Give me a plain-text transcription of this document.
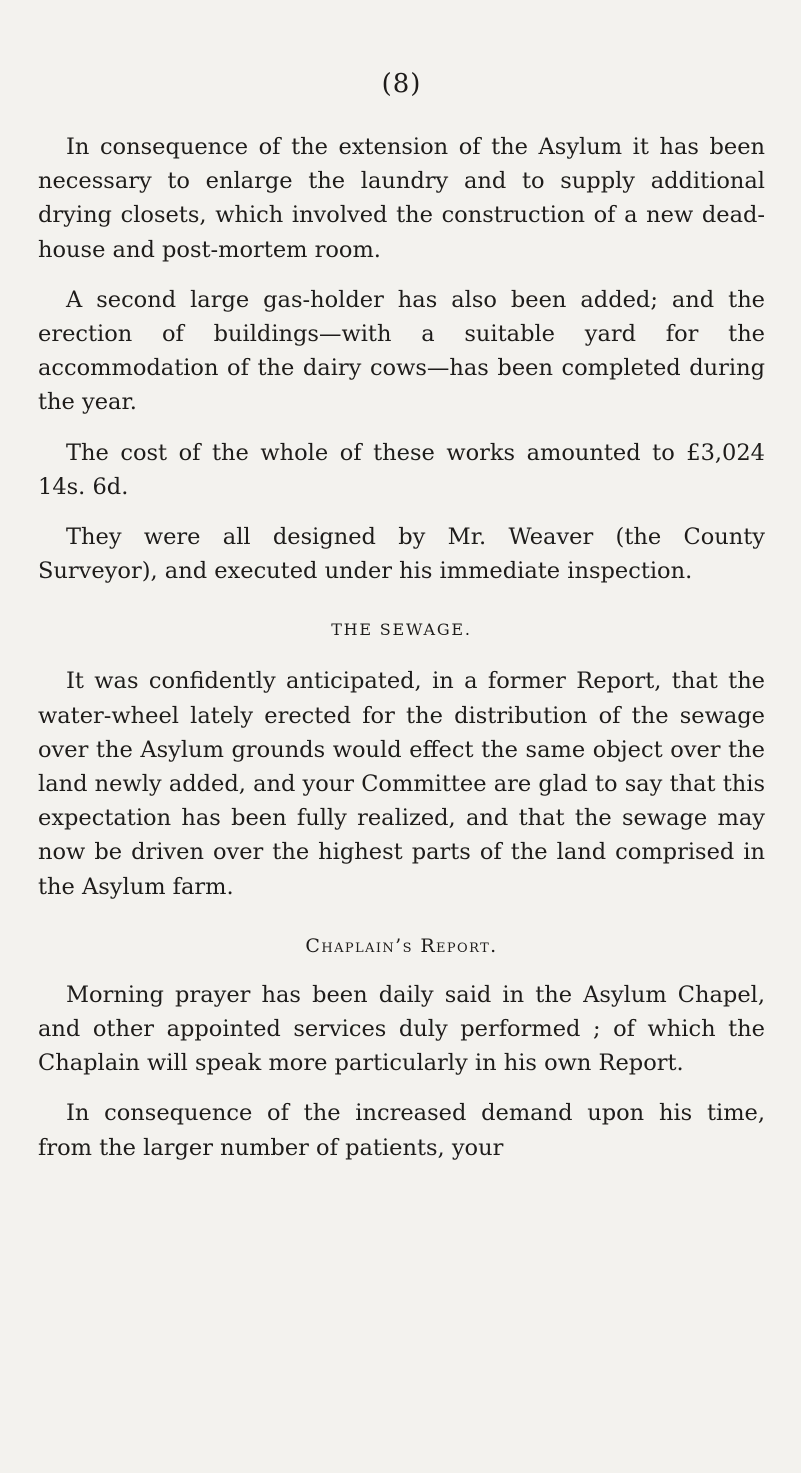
(8)

In consequence of the extension of the Asylum it has been necessary to enlarge the laundry and to supply additional drying closets, which involved the construction of a new dead-house and post-mortem room.

A second large gas-holder has also been added; and the erection of buildings—with a suitable yard for the accommodation of the dairy cows—has been completed during the year.

The cost of the whole of these works amounted to £3,024 14s. 6d.

They were all designed by Mr. Weaver (the County Surveyor), and executed under his immediate inspection.

THE SEWAGE.

It was confidently anticipated, in a former Report, that the water-wheel lately erected for the distribution of the sewage over the Asylum grounds would effect the same object over the land newly added, and your Committee are glad to say that this expectation has been fully realized, and that the sewage may now be driven over the highest parts of the land comprised in the Asylum farm.

Chaplain’s Report.

Morning prayer has been daily said in the Asylum Chapel, and other appointed services duly performed ; of which the Chaplain will speak more particularly in his own Report.

In consequence of the increased demand upon his time, from the larger number of patients, your
